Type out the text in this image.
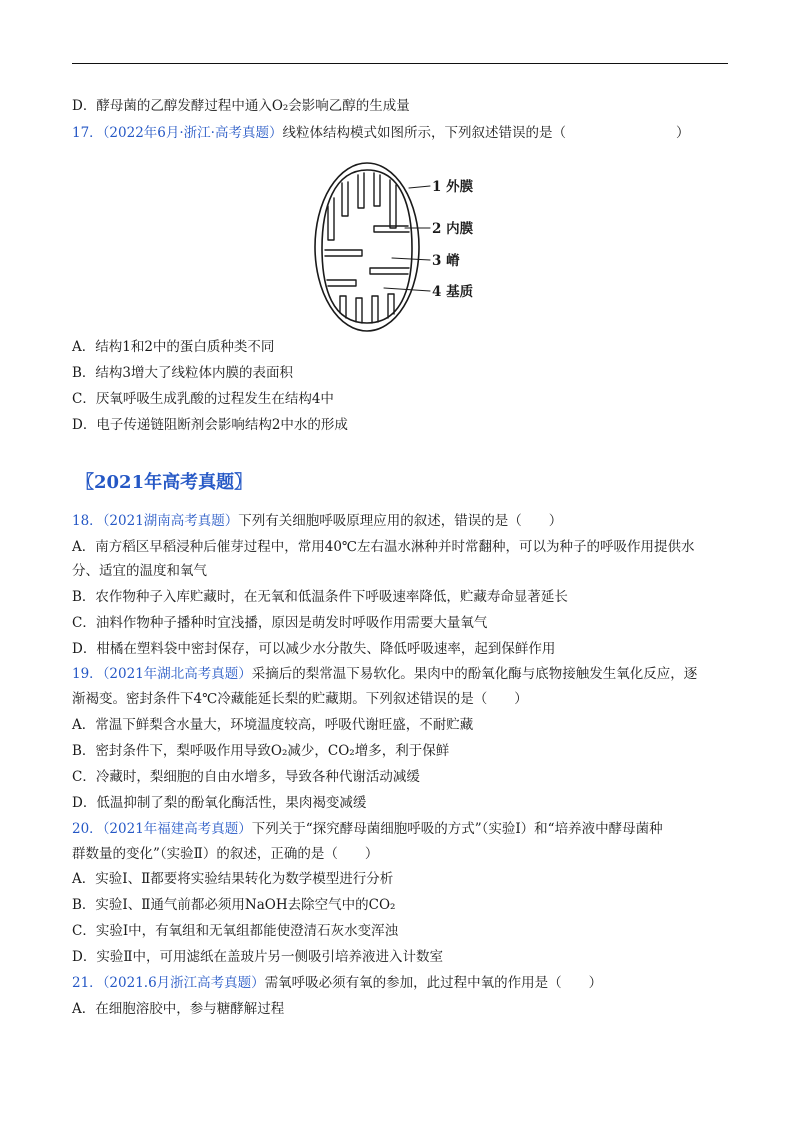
D．酵母菌的乙醇发酵过程中通入O₂会影响乙醇的生成量
17．（2022年6月·浙江·高考真题）线粒体结构模式如图所示，下列叙述错误的是（	）
1 外膜
2 内膜
3 嵴
4 基质
A．结构1和2中的蛋白质种类不同
B．结构3增大了线粒体内膜的表面积
C．厌氧呼吸生成乳酸的过程发生在结构4中
D．电子传递链阻断剂会影响结构2中水的形成
〖2021年高考真题〗
18．（2021湖南高考真题）下列有关细胞呼吸原理应用的叙述，错误的是（　　）
A．南方稻区早稻浸种后催芽过程中，常用40℃左右温水淋种并时常翻种，可以为种子的呼吸作用提供水
分、适宜的温度和氧气
B．农作物种子入库贮藏时，在无氧和低温条件下呼吸速率降低，贮藏寿命显著延长
C．油料作物种子播种时宜浅播，原因是萌发时呼吸作用需要大量氧气
D．柑橘在塑料袋中密封保存，可以减少水分散失、降低呼吸速率，起到保鲜作用
19．（2021年湖北高考真题）采摘后的梨常温下易软化。果肉中的酚氧化酶与底物接触发生氧化反应，逐
渐褐变。密封条件下4℃冷藏能延长梨的贮藏期。下列叙述错误的是（　　）
A．常温下鲜梨含水量大，环境温度较高，呼吸代谢旺盛，不耐贮藏
B．密封条件下，梨呼吸作用导致O₂减少，CO₂增多，利于保鲜
C．冷藏时，梨细胞的自由水增多，导致各种代谢活动减缓
D．低温抑制了梨的酚氧化酶活性，果肉褐变减缓
20．（2021年福建高考真题）下列关于“探究酵母菌细胞呼吸的方式”（实验Ⅰ）和“培养液中酵母菌种
群数量的变化”（实验Ⅱ）的叙述，正确的是（　　）
A．实验Ⅰ、Ⅱ都要将实验结果转化为数学模型进行分析
B．实验Ⅰ、Ⅱ通气前都必须用NaOH去除空气中的CO₂
C．实验Ⅰ中，有氧组和无氧组都能使澄清石灰水变浑浊
D．实验Ⅱ中，可用滤纸在盖玻片另一侧吸引培养液进入计数室
21．（2021.6月浙江高考真题）需氧呼吸必须有氧的参加，此过程中氧的作用是（　　）
A．在细胞溶胶中，参与糖酵解过程
